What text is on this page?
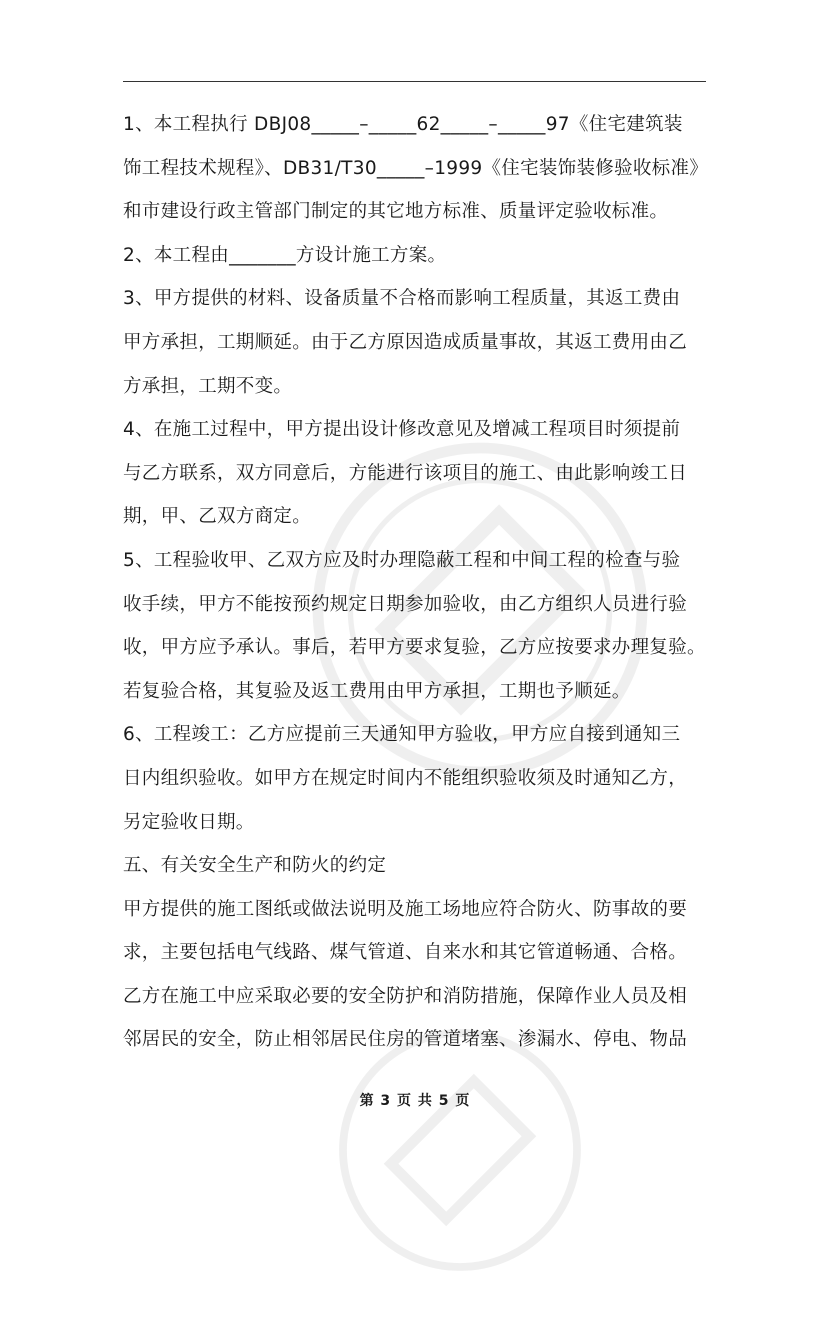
1、本工程执行 DBJ08_____–_____62_____–_____97《住宅建筑装
饰工程技术规程》、DB31/T30_____–1999《住宅装饰装修验收标准》
和市建设行政主管部门制定的其它地方标准、质量评定验收标准。
2、本工程由_______方设计施工方案。
3、甲方提供的材料、设备质量不合格而影响工程质量，其返工费由
甲方承担，工期顺延。由于乙方原因造成质量事故，其返工费用由乙
方承担，工期不变。
4、在施工过程中，甲方提出设计修改意见及增减工程项目时须提前
与乙方联系，双方同意后，方能进行该项目的施工、由此影响竣工日
期，甲、乙双方商定。
5、工程验收甲、乙双方应及时办理隐蔽工程和中间工程的检查与验
收手续，甲方不能按预约规定日期参加验收，由乙方组织人员进行验
收，甲方应予承认。事后，若甲方要求复验，乙方应按要求办理复验。
若复验合格，其复验及返工费用由甲方承担，工期也予顺延。
6、工程竣工：乙方应提前三天通知甲方验收，甲方应自接到通知三
日内组织验收。如甲方在规定时间内不能组织验收须及时通知乙方，
另定验收日期。
五、有关安全生产和防火的约定
甲方提供的施工图纸或做法说明及施工场地应符合防火、防事故的要
求，主要包括电气线路、煤气管道、自来水和其它管道畅通、合格。
乙方在施工中应采取必要的安全防护和消防措施，保障作业人员及相
邻居民的安全，防止相邻居民住房的管道堵塞、渗漏水、停电、物品
第 3 页 共 5 页
